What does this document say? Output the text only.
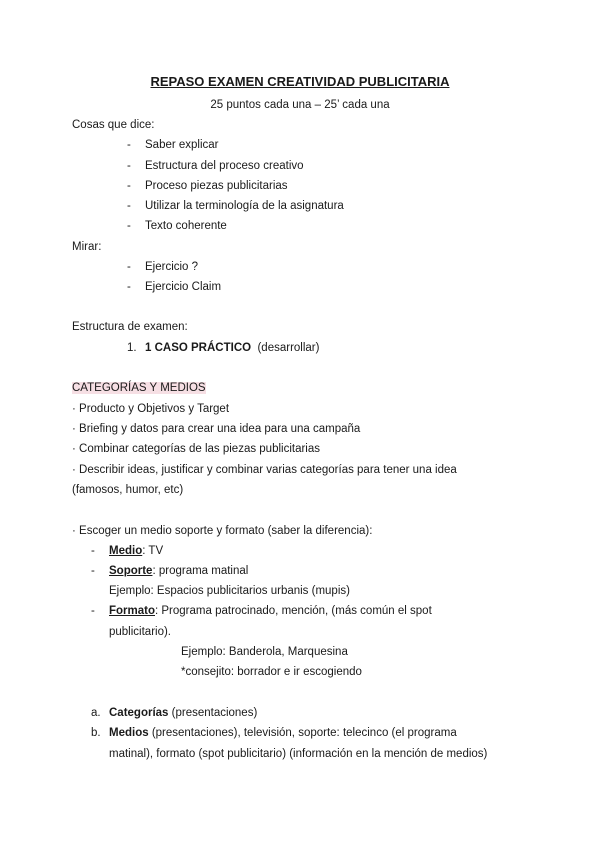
REPASO EXAMEN CREATIVIDAD PUBLICITARIA
25 puntos cada una – 25’ cada una
Cosas que dice:
- Saber explicar
- Estructura del proceso creativo
- Proceso piezas publicitarias
- Utilizar la terminología de la asignatura
- Texto coherente
Mirar:
- Ejercicio ?
- Ejercicio Claim
Estructura de examen:
1. 1 CASO PRÁCTICO (desarrollar)
CATEGORÍAS Y MEDIOS
· Producto y Objetivos y Target
· Briefing y datos para crear una idea para una campaña
· Combinar categorías de las piezas publicitarias
· Describir ideas, justificar y combinar varias categorías para tener una idea
(famosos, humor, etc)
· Escoger un medio soporte y formato (saber la diferencia):
- Medio: TV
- Soporte: programa matinal
Ejemplo: Espacios publicitarios urbanis (mupis)
- Formato: Programa patrocinado, mención, (más común el spot
publicitario).
Ejemplo: Banderola, Marquesina
*consejito: borrador e ir escogiendo
a. Categorías (presentaciones)
b. Medios (presentaciones), televisión, soporte: telecinco (el programa
matinal), formato (spot publicitario) (información en la mención de medios)
